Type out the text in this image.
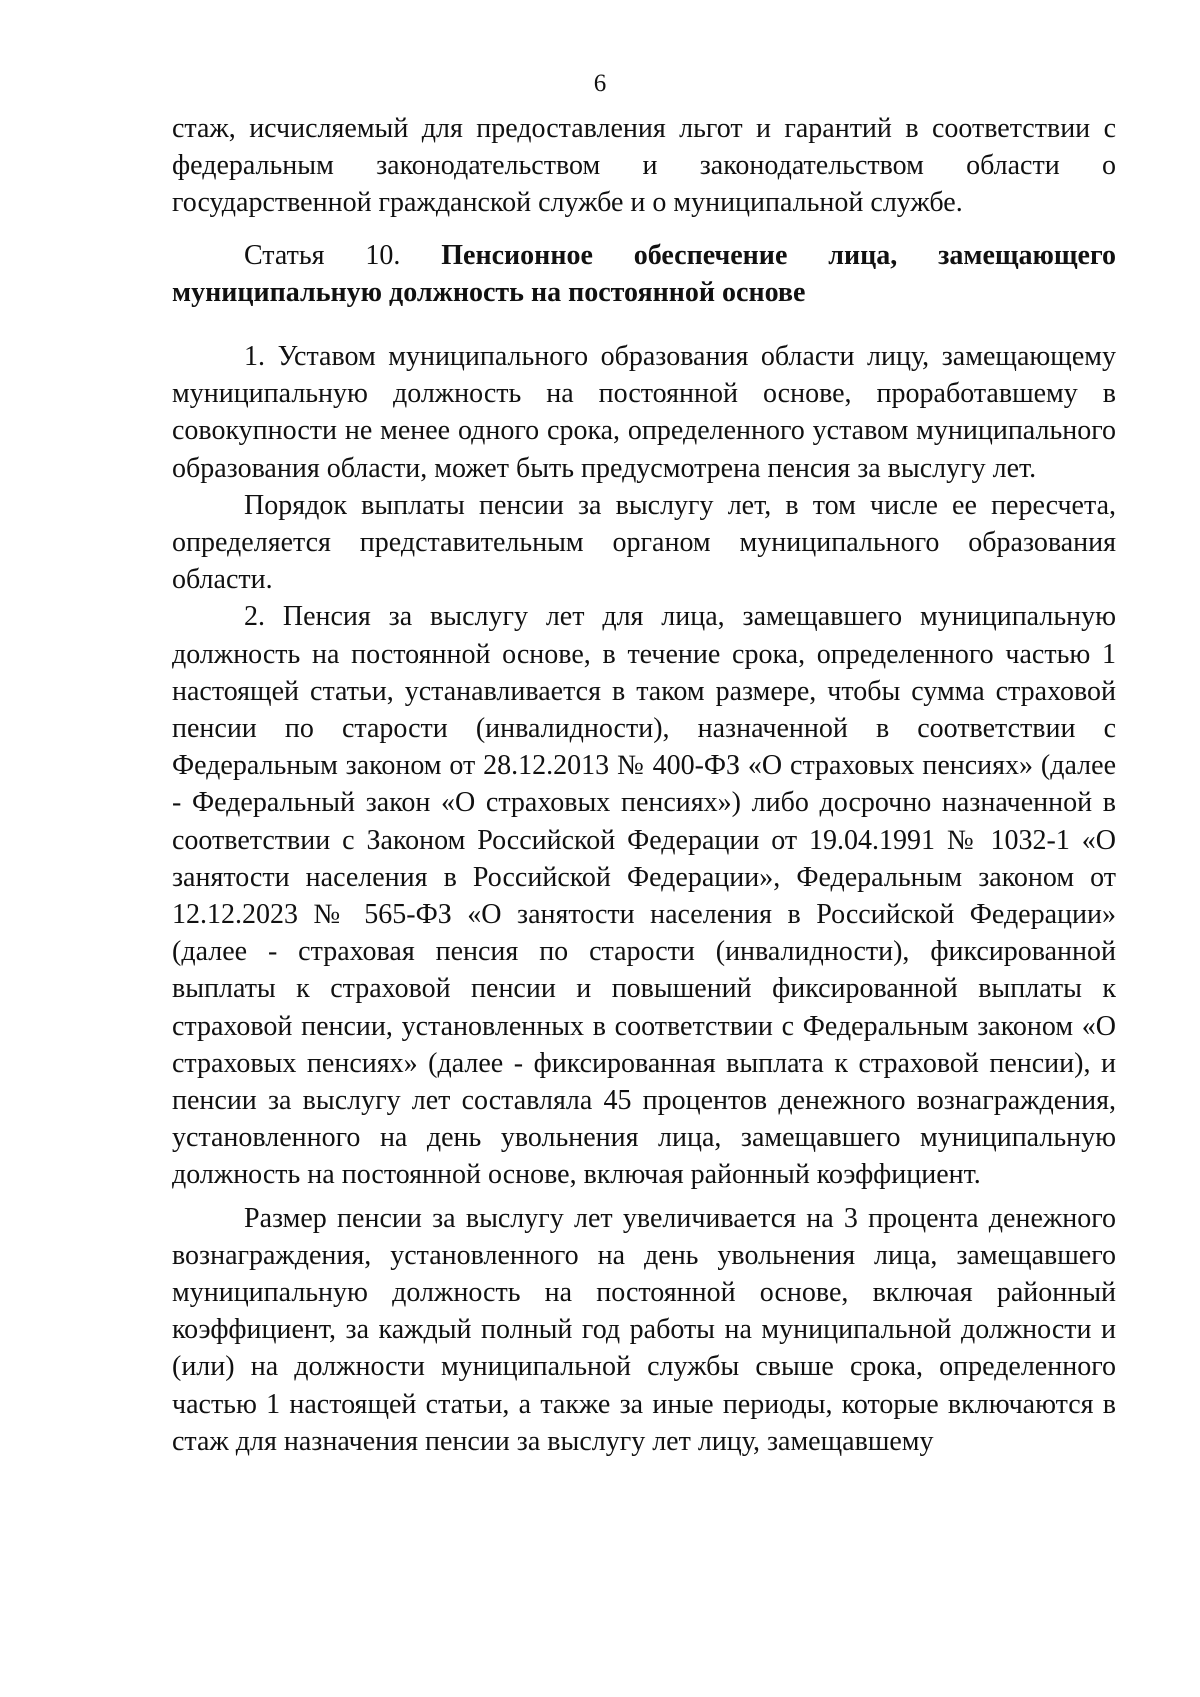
6

стаж, исчисляемый для предоставления льгот и гарантий в соответствии с федеральным законодательством и законодательством области о государственной гражданской службе и о муниципальной службе.

Статья 10. Пенсионное обеспечение лица, замещающего муниципальную должность на постоянной основе

1. Уставом муниципального образования области лицу, замещающему муниципальную должность на постоянной основе, проработавшему в совокупности не менее одного срока, определенного уставом муниципального образования области, может быть предусмотрена пенсия за выслугу лет.

Порядок выплаты пенсии за выслугу лет, в том числе ее пересчета, определяется представительным органом муниципального образования области.

2. Пенсия за выслугу лет для лица, замещавшего муниципальную должность на постоянной основе, в течение срока, определенного частью 1 настоящей статьи, устанавливается в таком размере, чтобы сумма страховой пенсии по старости (инвалидности), назначенной в соответствии с Федеральным законом от 28.12.2013 № 400-ФЗ «О страховых пенсиях» (далее - Федеральный закон «О страховых пенсиях») либо досрочно назначенной в соответствии с Законом Российской Федерации от 19.04.1991 № 1032-1 «О занятости населения в Российской Федерации», Федеральным законом от 12.12.2023 № 565-ФЗ «О занятости населения в Российской Федерации» (далее - страховая пенсия по старости (инвалидности), фиксированной выплаты к страховой пенсии и повышений фиксированной выплаты к страховой пенсии, установленных в соответствии с Федеральным законом «О страховых пенсиях» (далее - фиксированная выплата к страховой пенсии), и пенсии за выслугу лет составляла 45 процентов денежного вознаграждения, установленного на день увольнения лица, замещавшего муниципальную должность на постоянной основе, включая районный коэффициент.

Размер пенсии за выслугу лет увеличивается на 3 процента денежного вознаграждения, установленного на день увольнения лица, замещавшего муниципальную должность на постоянной основе, включая районный коэффициент, за каждый полный год работы на муниципальной должности и (или) на должности муниципальной службы свыше срока, определенного частью 1 настоящей статьи, а также за иные периоды, которые включаются в стаж для назначения пенсии за выслугу лет лицу, замещавшему
